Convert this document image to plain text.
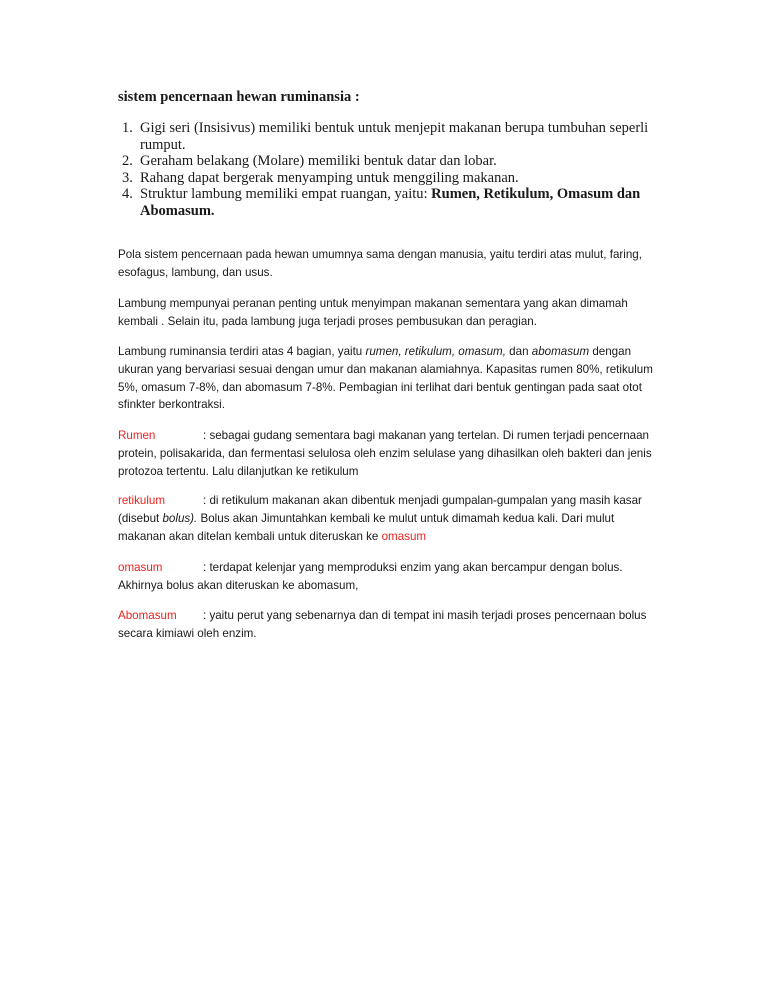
sistem pencernaan hewan ruminansia :
1. Gigi seri (Insisivus) memiliki bentuk untuk menjepit makanan berupa tumbuhan seperli rumput.
2. Geraham belakang (Molare) memiliki bentuk datar dan lobar.
3. Rahang dapat bergerak menyamping untuk menggiling makanan.
4. Struktur lambung memiliki empat ruangan, yaitu: Rumen, Retikulum, Omasum dan Abomasum.

Pola sistem pencernaan pada hewan umumnya sama dengan manusia, yaitu terdiri atas mulut, faring, esofagus, lambung, dan usus.

Lambung mempunyai peranan penting untuk menyimpan makanan sementara yang akan dimamah kembali . Selain itu, pada lambung juga terjadi proses pembusukan dan peragian.

Lambung ruminansia terdiri atas 4 bagian, yaitu rumen, retikulum, omasum, dan abomasum dengan ukuran yang bervariasi sesuai dengan umur dan makanan alamiahnya. Kapasitas rumen 80%, retikulum 5%, omasum 7-8%, dan abomasum 7-8%. Pembagian ini terlihat dari bentuk gentingan pada saat otot sfinkter berkontraksi.

Rumen	: sebagai gudang sementara bagi makanan yang tertelan. Di rumen terjadi pencernaan protein, polisakarida, dan fermentasi selulosa oleh enzim selulase yang dihasilkan oleh bakteri dan jenis protozoa tertentu. Lalu dilanjutkan ke retikulum

retikulum	: di retikulum makanan akan dibentuk menjadi gumpalan-gumpalan yang masih kasar (disebut bolus). Bolus akan Jimuntahkan kembali ke mulut untuk dimamah kedua kali. Dari mulut makanan akan ditelan kembali untuk diteruskan ke omasum

omasum	: terdapat kelenjar yang memproduksi enzim yang akan bercampur dengan bolus. Akhirnya bolus akan diteruskan ke abomasum,

Abomasum : yaitu perut yang sebenarnya dan di tempat ini masih terjadi proses pencernaan bolus secara kimiawi oleh enzim.
